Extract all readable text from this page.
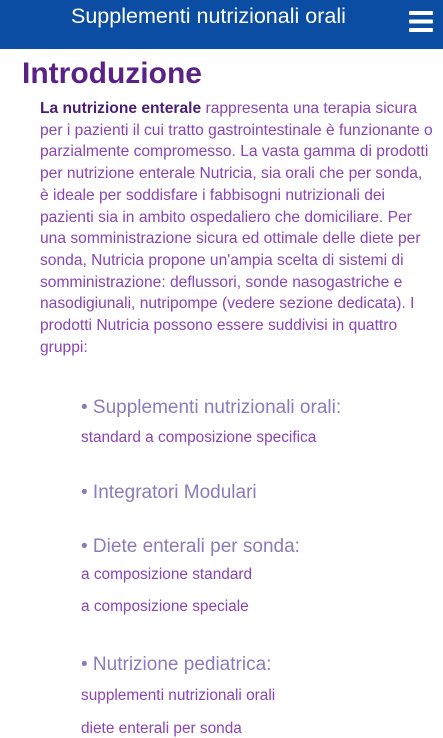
Supplementi nutrizionali orali
Introduzione

La nutrizione enterale rappresenta una terapia sicura per i pazienti il cui tratto gastrointestinale è funzionante o parzialmente compromesso. La vasta gamma di prodotti per nutrizione enterale Nutricia, sia orali che per sonda, è ideale per soddisfare i fabbisogni nutrizionali dei pazienti sia in ambito ospedaliero che domiciliare. Per una somministrazione sicura ed ottimale delle diete per sonda, Nutricia propone un'ampia scelta di sistemi di somministrazione: deflussori, sonde nasogastriche e nasodigiunali, nutripompe (vedere sezione dedicata). I prodotti Nutricia possono essere suddivisi in quattro gruppi:

• Supplementi nutrizionali orali:
standard a composizione specifica
• Integratori Modulari
• Diete enterali per sonda:
a composizione standard
a composizione speciale
• Nutrizione pediatrica:
supplementi nutrizionali orali
diete enterali per sonda
